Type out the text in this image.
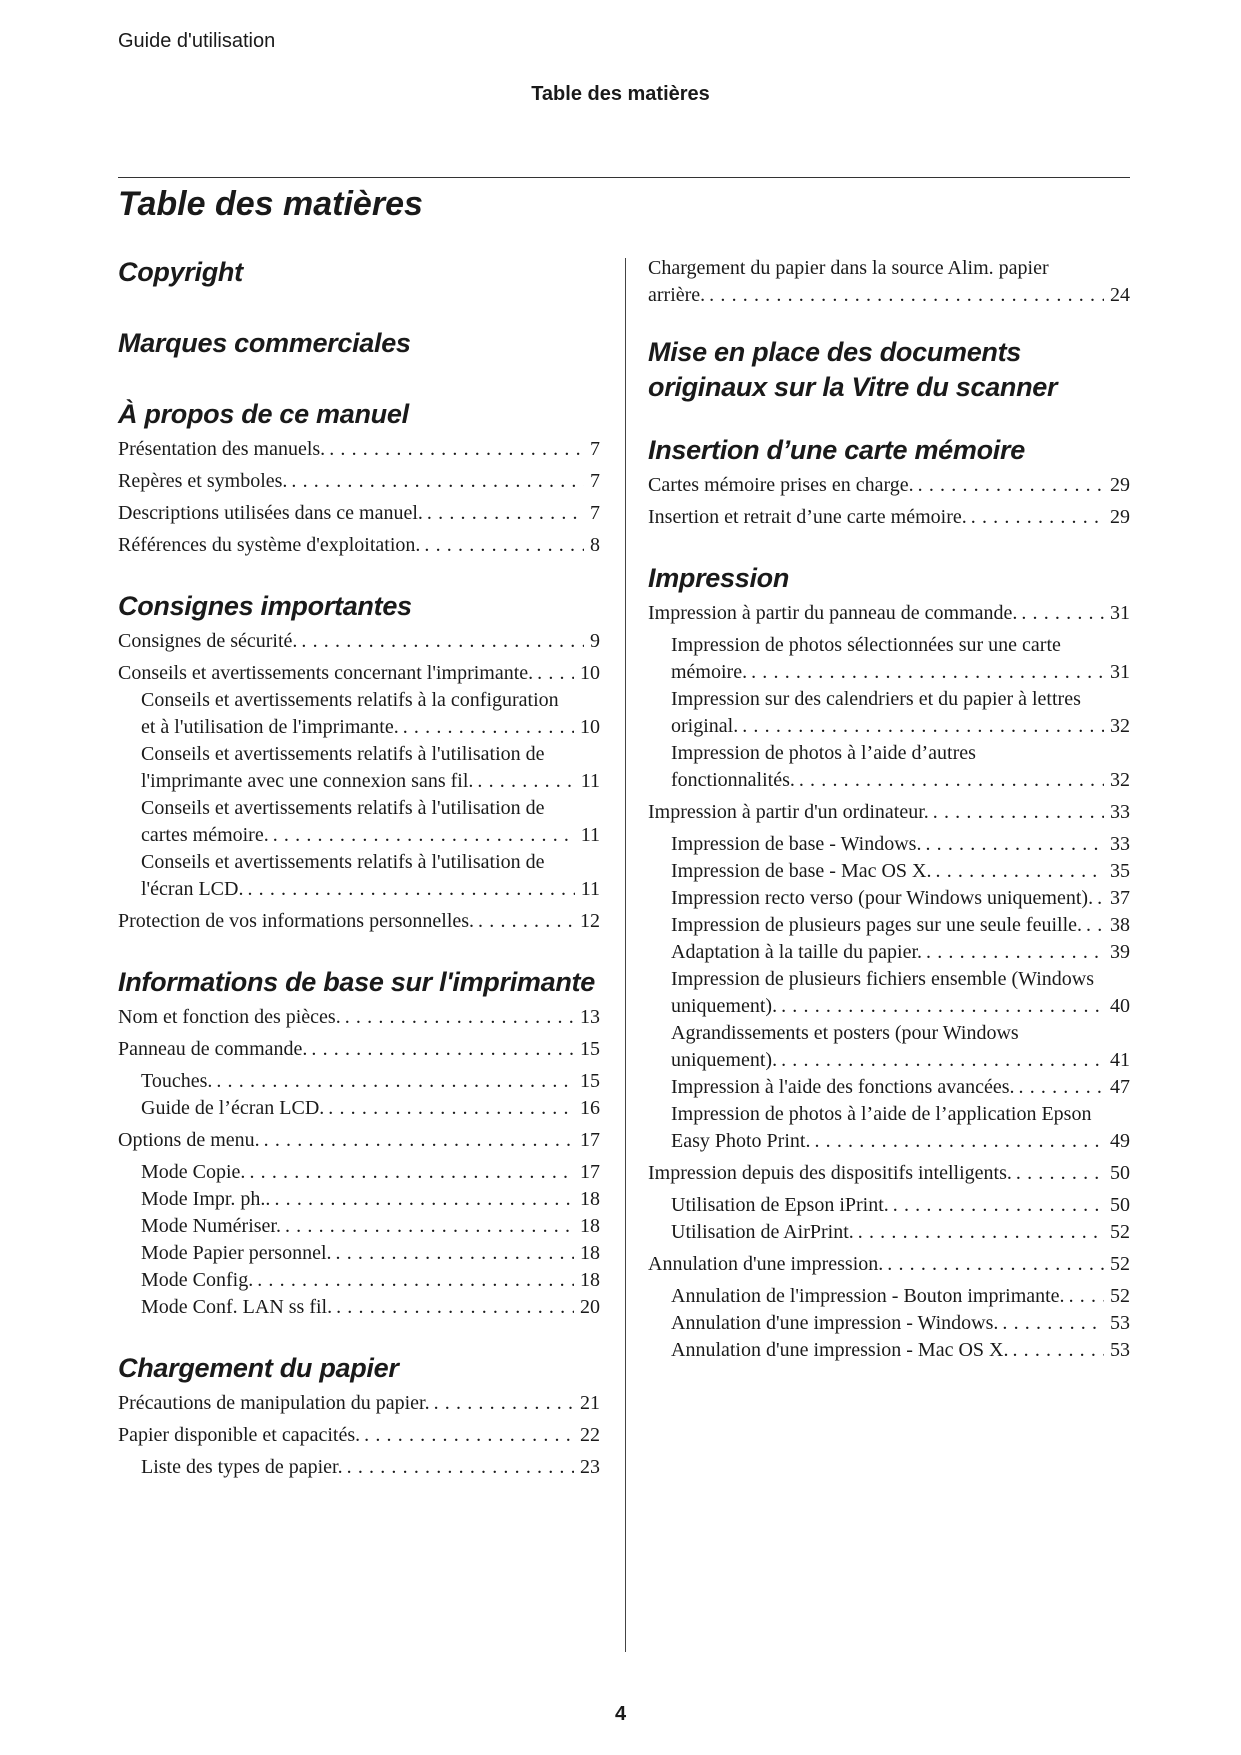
Guide d'utilisation
Table des matières
Table des matières
Copyright
Marques commerciales
À propos de ce manuel
Présentation des manuels. . . .	7
Repères et symboles. . . .	7
Descriptions utilisées dans ce manuel. . . .	7
Références du système d'exploitation. . . .	8
Consignes importantes
Consignes de sécurité. . . .	9
Conseils et avertissements concernant l'imprimante. . . .	10
Conseils et avertissements relatifs à la configuration et à l'utilisation de l'imprimante. . . .	10
Conseils et avertissements relatifs à l'utilisation de l'imprimante avec une connexion sans fil. . . .	11
Conseils et avertissements relatifs à l'utilisation de cartes mémoire. . . .	11
Conseils et avertissements relatifs à l'utilisation de l'écran LCD. . . .	11
Protection de vos informations personnelles. . . .	12
Informations de base sur l'imprimante
Nom et fonction des pièces. . . .	13
Panneau de commande. . . .	15
Touches. . . .	15
Guide de l’écran LCD. . . .	16
Options de menu. . . .	17
Mode Copie. . . .	17
Mode Impr. ph.. . . .	18
Mode Numériser. . . .	18
Mode Papier personnel. . . .	18
Mode Config. . . .	18
Mode Conf. LAN ss fil. . . .	20
Chargement du papier
Précautions de manipulation du papier. . . .	21
Papier disponible et capacités. . . .	22
Liste des types de papier. . . .	23
Chargement du papier dans la source Alim. papier arrière. . . .	24
Mise en place des documents originaux sur la Vitre du scanner
Insertion d’une carte mémoire
Cartes mémoire prises en charge. . . .	29
Insertion et retrait d’une carte mémoire. . . .	29
Impression
Impression à partir du panneau de commande. . . .	31
Impression de photos sélectionnées sur une carte mémoire. . . .	31
Impression sur des calendriers et du papier à lettres original. . . .	32
Impression de photos à l’aide d’autres fonctionnalités. . . .	32
Impression à partir d'un ordinateur. . . .	33
Impression de base - Windows. . . .	33
Impression de base - Mac OS X. . . .	35
Impression recto verso (pour Windows uniquement). . . . 37
Impression de plusieurs pages sur une seule feuille. . . .	38
Adaptation à la taille du papier. . . .	39
Impression de plusieurs fichiers ensemble (Windows uniquement). . . .	40
Agrandissements et posters (pour Windows uniquement). . . .	41
Impression à l'aide des fonctions avancées. . . .	47
Impression de photos à l’aide de l’application Epson Easy Photo Print. . . .	49
Impression depuis des dispositifs intelligents. . . .	50
Utilisation de Epson iPrint. . . .	50
Utilisation de AirPrint. . . .	52
Annulation d'une impression. . . .	52
Annulation de l'impression - Bouton imprimante. . . .	52
Annulation d'une impression - Windows. . . .	53
Annulation d'une impression - Mac OS X. . . .	53
4
